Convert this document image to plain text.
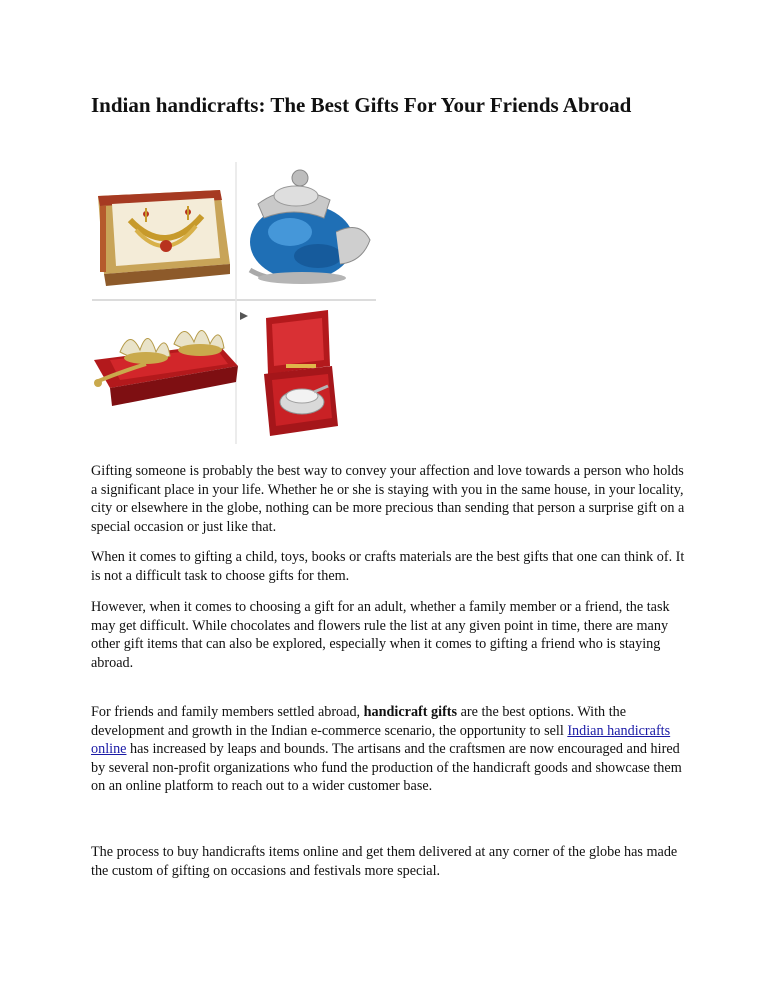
Indian handicrafts: The Best Gifts For Your Friends Abroad

Gifting someone is probably the best way to convey your affection and love towards a person who holds a significant place in your life. Whether he or she is staying with you in the same house, in your locality, city or elsewhere in the globe, nothing can be more precious than sending that person a surprise gift on a special occasion or just like that.

When it comes to gifting a child, toys, books or crafts materials are the best gifts that one can think of. It is not a difficult task to choose gifts for them.

However, when it comes to choosing a gift for an adult, whether a family member or a friend, the task may get difficult. While chocolates and flowers rule the list at any given point in time, there are many other gift items that can also be explored, especially when it comes to gifting a friend who is staying abroad.

For friends and family members settled abroad, handicraft gifts are the best options. With the development and growth in the Indian e-commerce scenario, the opportunity to sell Indian handicrafts online has increased by leaps and bounds. The artisans and the craftsmen are now encouraged and hired by several non-profit organizations who fund the production of the handicraft goods and showcase them on an online platform to reach out to a wider customer base.

The process to buy handicrafts items online and get them delivered at any corner of the globe has made the custom of gifting on occasions and festivals more special.
